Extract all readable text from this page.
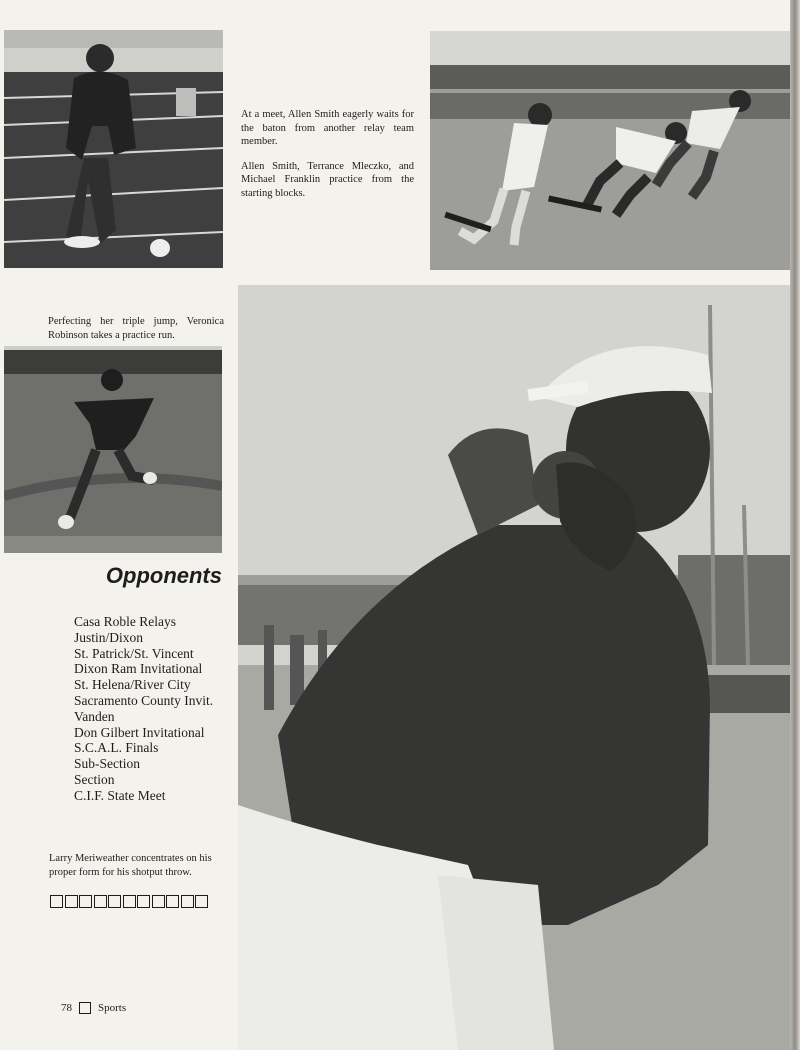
At a meet, Allen Smith eagerly waits for the baton from another relay team member.

Allen Smith, Terrance Mleczko, and Michael Franklin practice from the starting blocks.

Perfecting her triple jump, Veronica Robinson takes a practice run.
Opponents
Casa Roble Relays
Justin/Dixon
St. Patrick/St. Vincent
Dixon Ram Invitational
St. Helena/River City
Sacramento County Invit.
Vanden
Don Gilbert Invitational
S.C.A.L. Finals
Sub-Section
Section
C.I.F. State Meet
Larry Meriweather concentrates on his proper form for his shotput throw.
78 Sports
